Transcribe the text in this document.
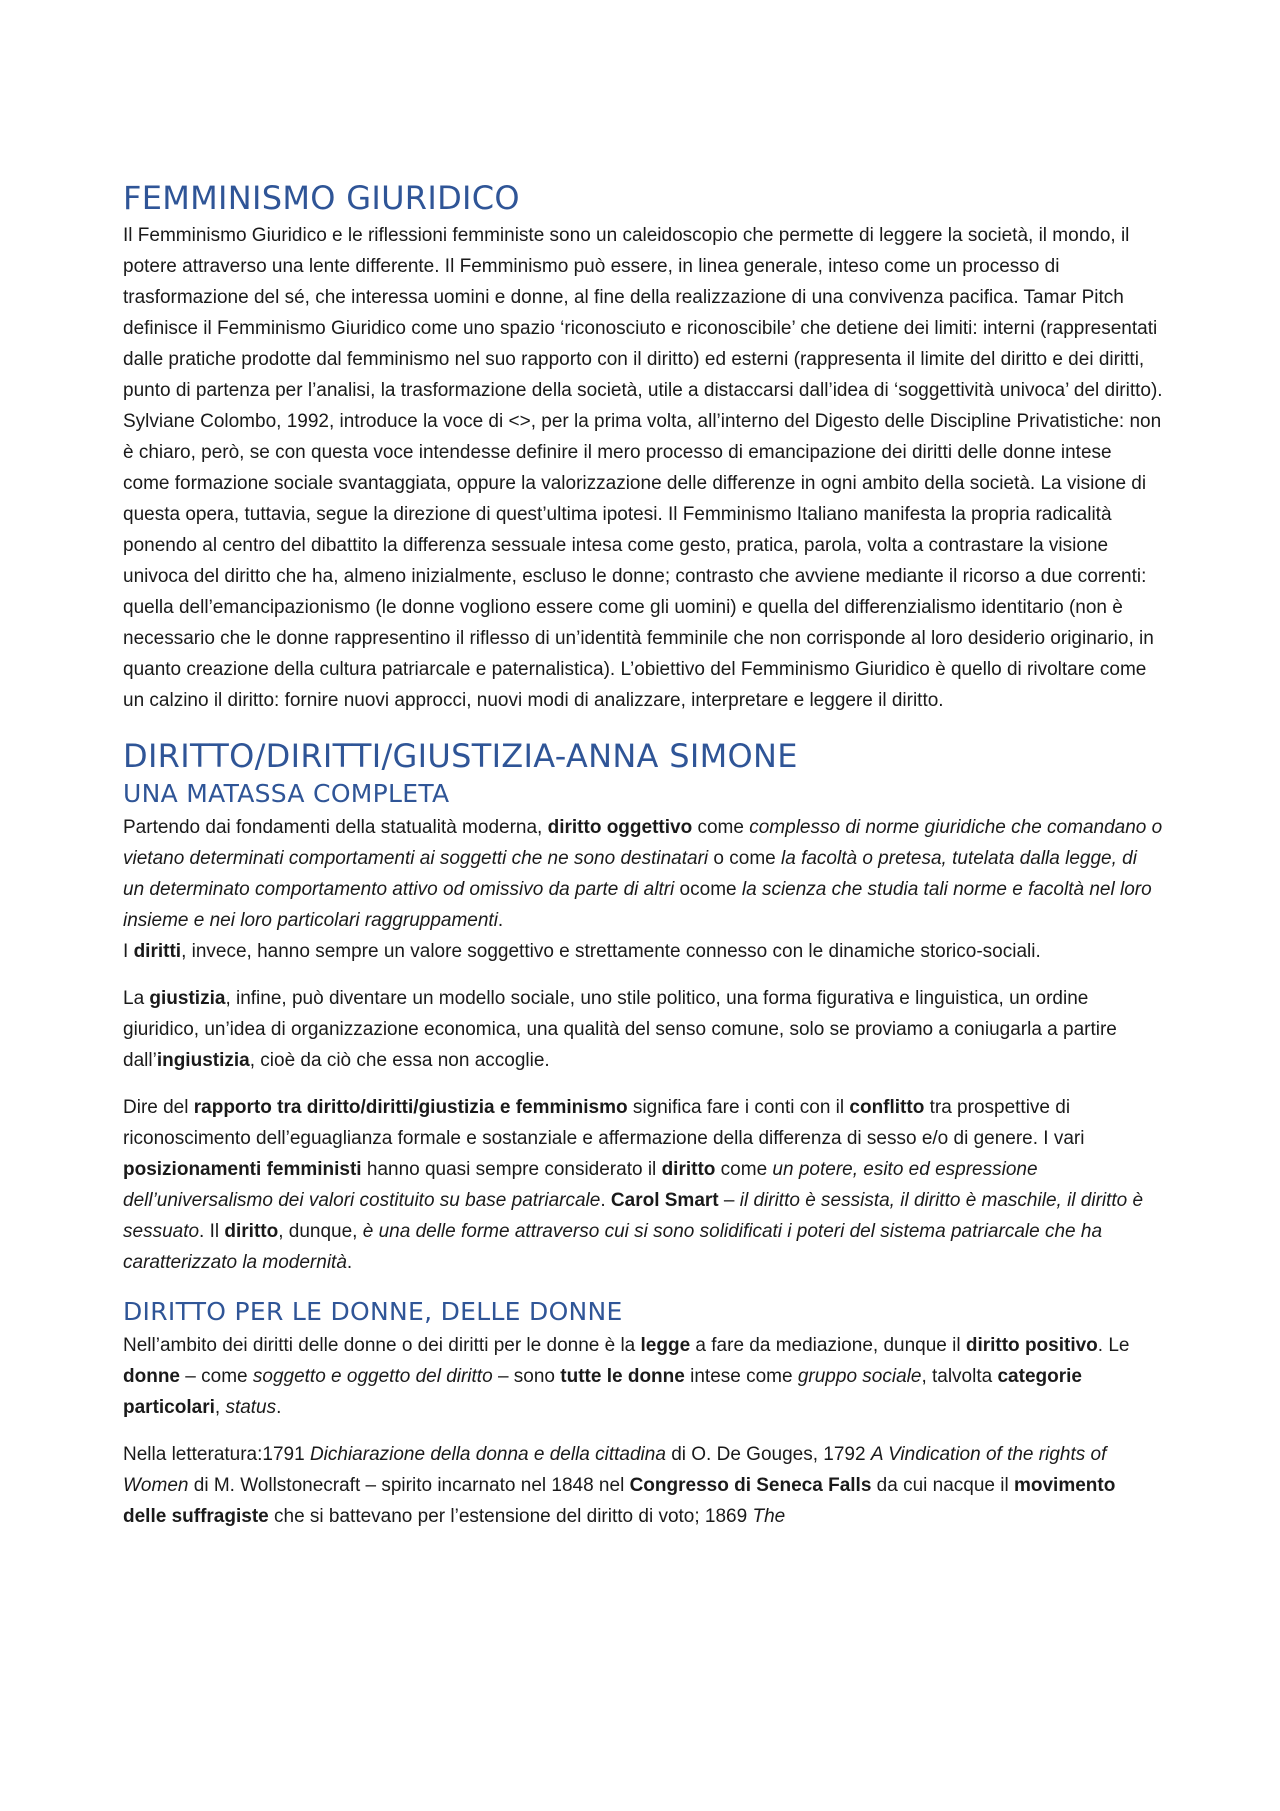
FEMMINISMO GIURIDICO

Il Femminismo Giuridico e le riflessioni femministe sono un caleidoscopio che permette di leggere la società, il mondo, il potere attraverso una lente differente. Il Femminismo può essere, in linea generale, inteso come un processo di trasformazione del sé, che interessa uomini e donne, al fine della realizzazione di una convivenza pacifica. Tamar Pitch definisce il Femminismo Giuridico come uno spazio ‘riconosciuto e riconoscibile’ che detiene dei limiti: interni (rappresentati dalle pratiche prodotte dal femminismo nel suo rapporto con il diritto) ed esterni (rappresenta il limite del diritto e dei diritti, punto di partenza per l’analisi, la trasformazione della società, utile a distaccarsi dall’idea di ‘soggettività univoca’ del diritto). Sylviane Colombo, 1992, introduce la voce di <>, per la prima volta, all’interno del Digesto delle Discipline Privatistiche: non è chiaro, però, se con questa voce intendesse definire il mero processo di emancipazione dei diritti delle donne intese come formazione sociale svantaggiata, oppure la valorizzazione delle differenze in ogni ambito della società. La visione di questa opera, tuttavia, segue la direzione di quest’ultima ipotesi. Il Femminismo Italiano manifesta la propria radicalità ponendo al centro del dibattito la differenza sessuale intesa come gesto, pratica, parola, volta a contrastare la visione univoca del diritto che ha, almeno inizialmente, escluso le donne; contrasto che avviene mediante il ricorso a due correnti: quella dell’emancipazionismo (le donne vogliono essere come gli uomini) e quella del differenzialismo identitario (non è necessario che le donne rappresentino il riflesso di un’identità femminile che non corrisponde al loro desiderio originario, in quanto creazione della cultura patriarcale e paternalistica). L’obiettivo del Femminismo Giuridico è quello di rivoltare come un calzino il diritto: fornire nuovi approcci, nuovi modi di analizzare, interpretare e leggere il diritto.

DIRITTO/DIRITTI/GIUSTIZIA-ANNA SIMONE
UNA MATASSA COMPLETA

Partendo dai fondamenti della statualità moderna, diritto oggettivo come complesso di norme giuridiche che comandano o vietano determinati comportamenti ai soggetti che ne sono destinatari o come la facoltà o pretesa, tutelata dalla legge, di un determinato comportamento attivo od omissivo da parte di altri ocome la scienza che studia tali norme e facoltà nel loro insieme e nei loro particolari raggruppamenti.
I diritti, invece, hanno sempre un valore soggettivo e strettamente connesso con le dinamiche storico-sociali.

La giustizia, infine, può diventare un modello sociale, uno stile politico, una forma figurativa e linguistica, un ordine giuridico, un’idea di organizzazione economica, una qualità del senso comune, solo se proviamo a coniugarla a partire dall’ingiustizia, cioè da ciò che essa non accoglie.

Dire del rapporto tra diritto/diritti/giustizia e femminismo significa fare i conti con il conflitto tra prospettive di riconoscimento dell’eguaglianza formale e sostanziale e affermazione della differenza di sesso e/o di genere. I vari posizionamenti femministi hanno quasi sempre considerato il diritto come un potere, esito ed espressione dell’universalismo dei valori costituito su base patriarcale. Carol Smart – il diritto è sessista, il diritto è maschile, il diritto è sessuato. Il diritto, dunque, è una delle forme attraverso cui si sono solidificati i poteri del sistema patriarcale che ha caratterizzato la modernità.

DIRITTO PER LE DONNE, DELLE DONNE

Nell’ambito dei diritti delle donne o dei diritti per le donne è la legge a fare da mediazione, dunque il diritto positivo. Le donne – come soggetto e oggetto del diritto – sono tutte le donne intese come gruppo sociale, talvolta categorie particolari, status.

Nella letteratura:1791 Dichiarazione della donna e della cittadina di O. De Gouges, 1792 A Vindication of the rights of Women di M. Wollstonecraft – spirito incarnato nel 1848 nel Congresso di Seneca Falls da cui nacque il movimento delle suffragiste che si battevano per l’estensione del diritto di voto; 1869 The
